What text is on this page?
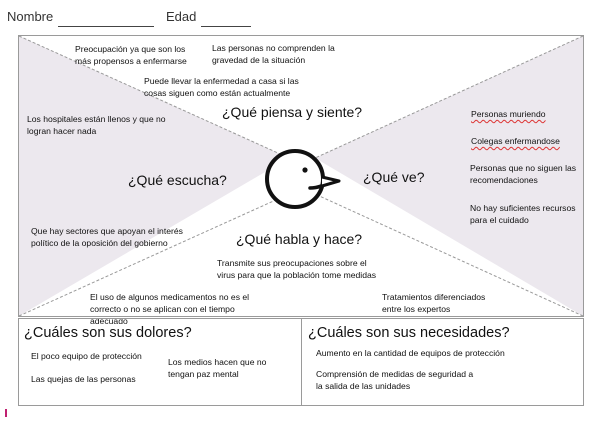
Nombre	Edad
¿Qué piensa y siente?
¿Qué escucha?	¿Qué ve?
¿Qué habla y hace?
Preocupación ya que son los más propensos a enfermarse
Las personas no comprenden la gravedad de la situación
Puede llevar la enfermedad a casa si las cosas siguen como están actualmente
Los hospitales están llenos y que no logran hacer nada
Que hay sectores que apoyan el interés político de la oposición del gobierno
Personas muriendo
Colegas enfermandose
Personas que no siguen las recomendaciones
No hay suficientes recursos para el cuidado
Transmite sus preocupaciones sobre el virus para que la población tome medidas
El uso de algunos medicamentos no es el correcto o no se aplican con el tiempo adecuado
Tratamientos diferenciados entre los expertos
¿Cuáles son sus dolores?
El poco equipo de protección
Las quejas de las personas
Los medios hacen que no tengan paz mental
¿Cuáles son sus necesidades?
Aumento en la cantidad de equipos de protección
Comprensión de medidas de seguridad a la salida de las unidades
